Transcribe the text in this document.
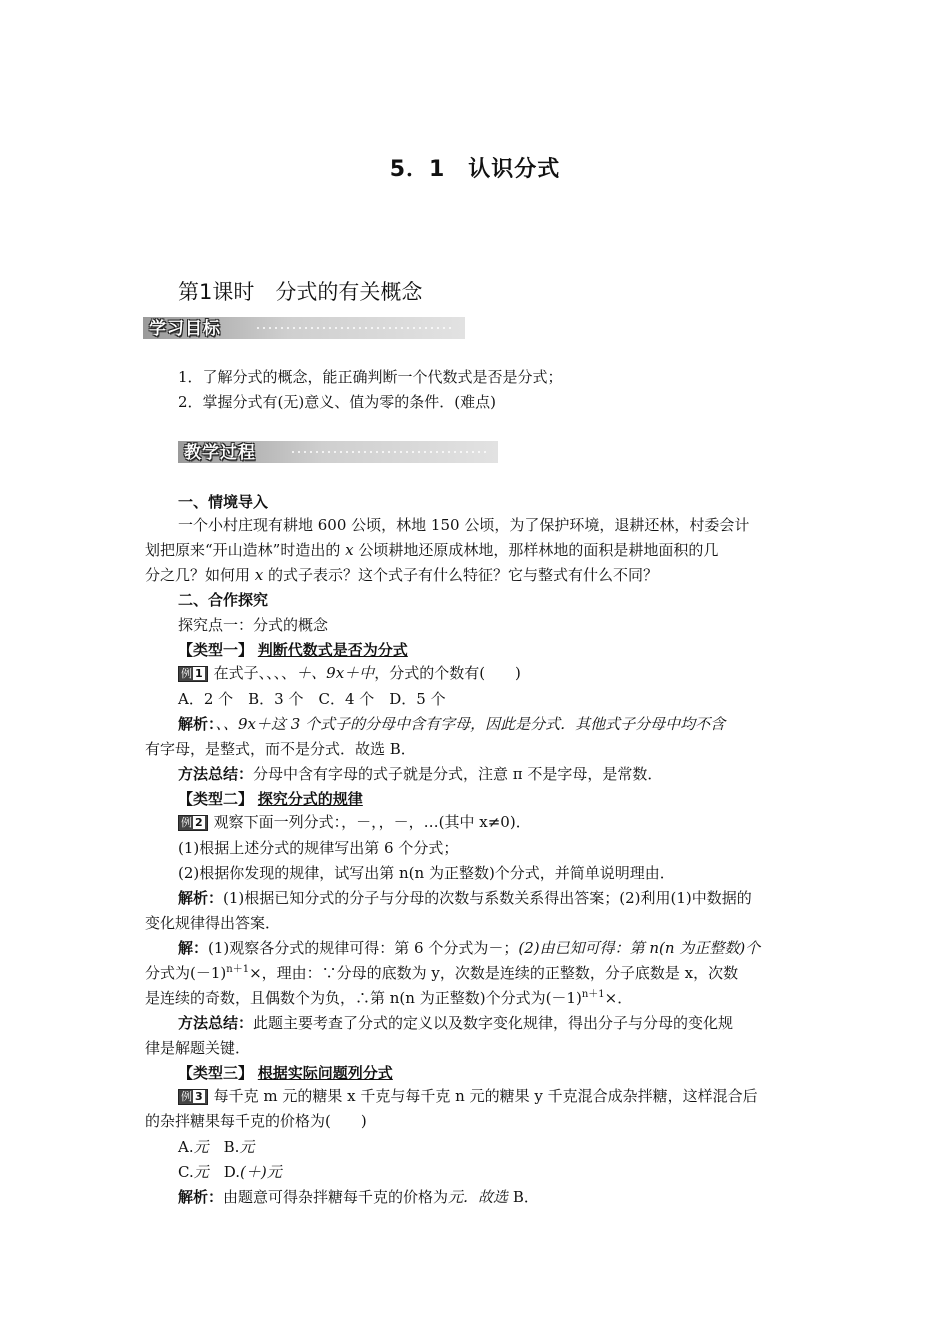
5．1　认识分式
第1课时　分式的有关概念
学习目标
1．了解分式的概念，能正确判断一个代数式是否是分式；
2．掌握分式有(无)意义、值为零的条件．(难点)
教学过程
一、情境导入
一个小村庄现有耕地 600 公顷，林地 150 公顷，为了保护环境，退耕还林，村委会计
划把原来“开山造林”时造出的 x 公顷耕地还原成林地，那样林地的面积是耕地面积的几
分之几？如何用 x 的式子表示？这个式子有什么特征？它与整式有什么不同？
二、合作探究
探究点一：分式的概念
【类型一】 判断代数式是否为分式
例 1 在式子、、、、＋、9x＋中，分式的个数有(　　)
A．2 个　B．3 个　C．4 个　D．5 个
解析：、、9x＋这 3 个式子的分母中含有字母，因此是分式．其他式子分母中均不含
有字母，是整式，而不是分式．故选 B．
方法总结：分母中含有字母的式子就是分式，注意 π 不是字母，是常数．
【类型二】 探究分式的规律
例 2 观察下面一列分式：，－，，－，…(其中 x≠0)．
(1)根据上述分式的规律写出第 6 个分式；
(2)根据你发现的规律，试写出第 n(n 为正整数)个分式，并简单说明理由．
解析：(1)根据已知分式的分子与分母的次数与系数关系得出答案；(2)利用(1)中数据的
变化规律得出答案．
解：(1)观察各分式的规律可得：第 6 个分式为－；(2)由已知可得：第 n(n 为正整数)个
分式为$(-1)^{n+1}\times$，理由：∵分母的底数为 y，次数是连续的正整数，分子底数是 x，次数
是连续的奇数，且偶数个为负，∴第 n(n 为正整数)个分式为$(-1)^{n+1}\times$．
方法总结：此题主要考查了分式的定义以及数字变化规律，得出分子与分母的变化规
律是解题关键．
【类型三】 根据实际问题列分式
例 3 每千克 m 元的糖果 x 千克与每千克 n 元的糖果 y 千克混合成杂拌糖，这样混合后
的杂拌糖果每千克的价格为(　　)
A.元　B.元
C.元　D.(＋)元
解析：由题意可得杂拌糖每千克的价格为元．故选 B．
